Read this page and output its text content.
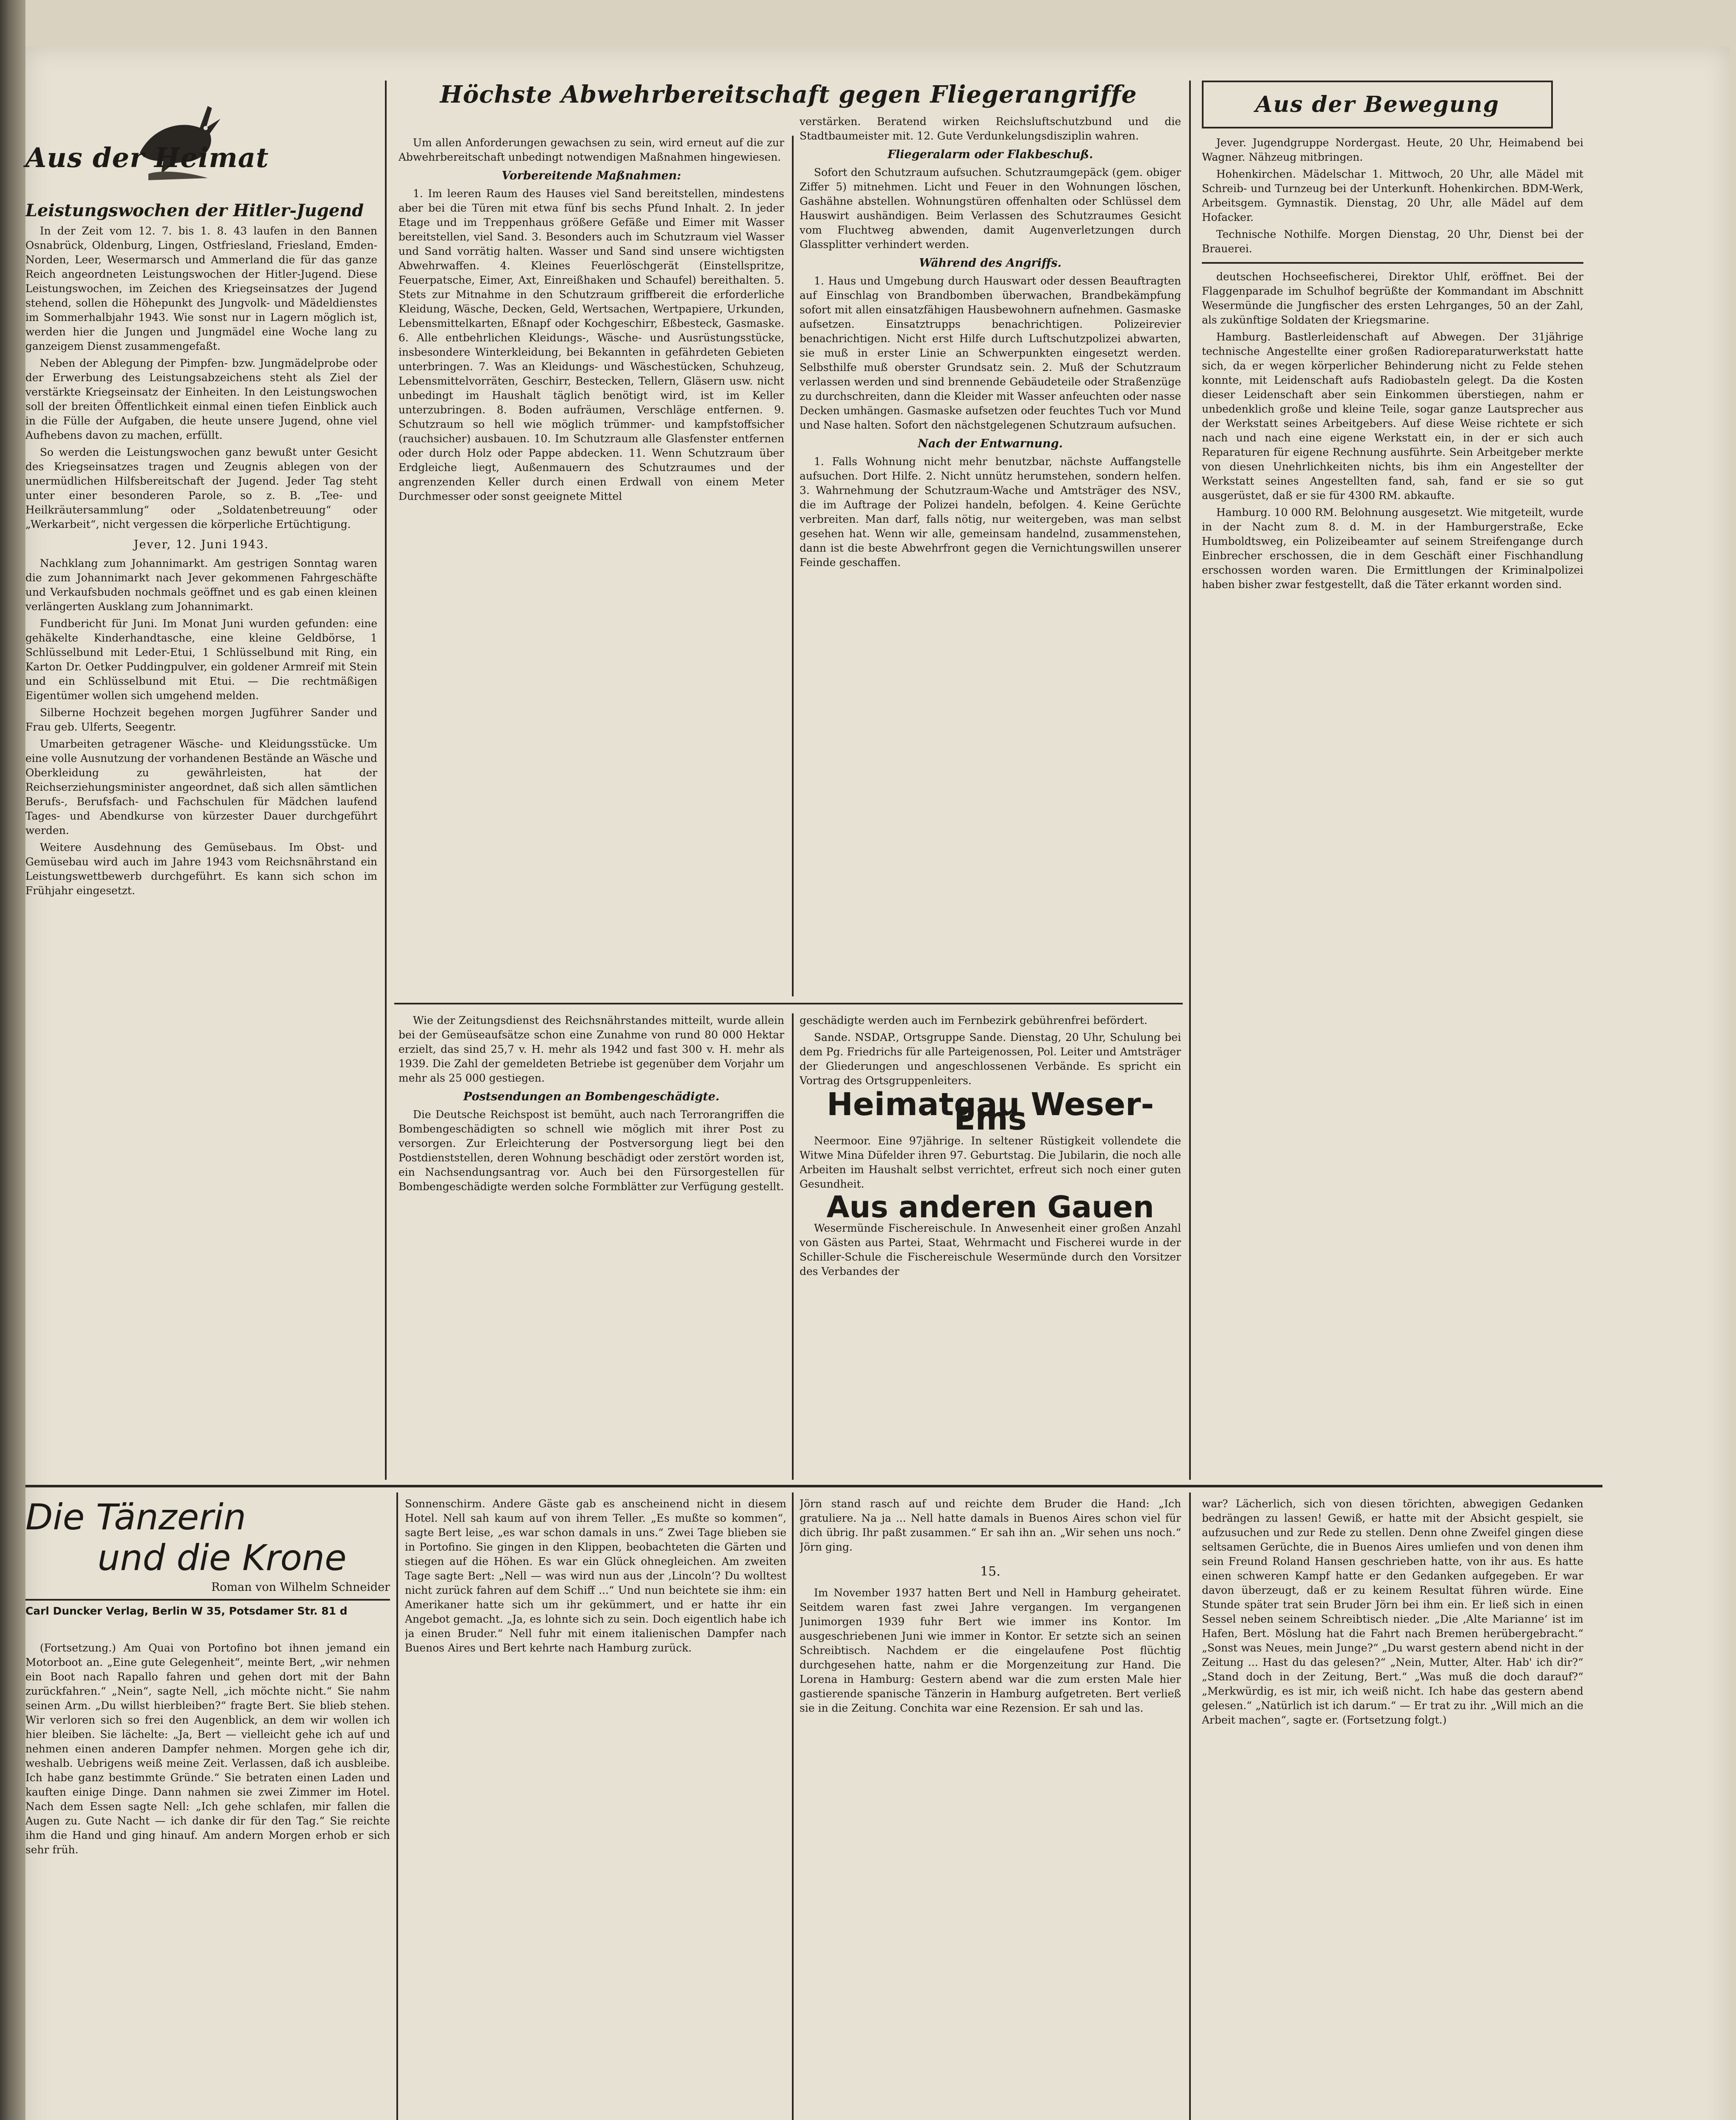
Aus der Heimat
Leistungswochen der Hitler-Jugend

In der Zeit vom 12. 7. bis 1. 8. 43 laufen in den Bannen Osnabrück, Oldenburg, Lingen, Ostfriesland, Friesland, Emden-Norden, Leer, Wesermarsch und Ammerland die für das ganze Reich angeordneten Leistungswochen der Hitler-Jugend. Diese Leistungswochen, im Zeichen des Kriegseinsatzes der Jugend stehend, sollen die Höhepunkt des Jungvolk- und Mädeldienstes im Sommerhalbjahr 1943. Wie sonst nur in Lagern möglich ist, werden hier die Jungen und Jungmädel eine Woche lang zu ganzeigem Dienst zusammengefaßt.

Neben der Ablegung der Pimpfen- bzw. Jungmädelprobe oder der Erwerbung des Leistungsabzeichens steht als Ziel der verstärkte Kriegseinsatz der Einheiten. In den Leistungswochen soll der breiten Öffentlichkeit einmal einen tiefen Einblick auch in die Fülle der Aufgaben, die heute unsere Jugend, ohne viel Aufhebens davon zu machen, erfüllt.

So werden die Leistungswochen ganz bewußt unter Gesicht des Kriegseinsatzes tragen und Zeugnis ablegen von der unermüdlichen Hilfsbereitschaft der Jugend. Jeder Tag steht unter einer besonderen Parole, so z. B. „Tee- und Heilkräutersammlung“ oder „Soldatenbetreuung“ oder „Werkarbeit“, nicht vergessen die körperliche Ertüchtigung.

Jever, 12. Juni 1943.

Nachklang zum Johannimarkt. Am gestrigen Sonntag waren die zum Johannimarkt nach Jever gekommenen Fahrgeschäfte und Verkaufsbuden nochmals geöffnet und es gab einen kleinen verlängerten Ausklang zum Johannimarkt.

Fundbericht für Juni. Im Monat Juni wurden gefunden: eine gehäkelte Kinderhandtasche, eine kleine Geldbörse, 1 Schlüsselbund mit Leder-Etui, 1 Schlüsselbund mit Ring, ein Karton Dr. Oetker Puddingpulver, ein goldener Armreif mit Stein und ein Schlüsselbund mit Etui. — Die rechtmäßigen Eigentümer wollen sich umgehend melden.

Silberne Hochzeit begehen morgen Jugführer Sander und Frau geb. Ulferts, Seegentr.

Umarbeiten getragener Wäsche- und Kleidungsstücke. Um eine volle Ausnutzung der vorhandenen Bestände an Wäsche und Oberkleidung zu gewährleisten, hat der Reichserziehungsminister angeordnet, daß sich allen sämtlichen Berufs-, Berufsfach- und Fachschulen für Mädchen laufend Tages- und Abendkurse von kürzester Dauer durchgeführt werden.

Weitere Ausdehnung des Gemüsebaus. Im Obst- und Gemüsebau wird auch im Jahre 1943 vom Reichsnährstand ein Leistungswettbewerb durchgeführt. Es kann sich schon im Frühjahr eingesetzt.

Höchste Abwehrbereitschaft gegen Fliegerangriffe

Um allen Anforderungen gewachsen zu sein, wird erneut auf die zur Abwehrbereitschaft unbedingt notwendigen Maßnahmen hingewiesen.

Vorbereitende Maßnahmen:

1. Im leeren Raum des Hauses viel Sand bereitstellen, mindestens aber bei die Türen mit etwa fünf bis sechs Pfund Inhalt. 2. In jeder Etage und im Treppenhaus größere Gefäße und Eimer mit Wasser bereitstellen, viel Sand. 3. Besonders auch im Schutzraum viel Wasser und Sand vorrätig halten. Wasser und Sand sind unsere wichtigsten Abwehrwaffen. 4. Kleines Feuerlöschgerät (Einstellspritze, Feuerpatsche, Eimer, Axt, Einreißhaken und Schaufel) bereithalten. 5. Stets zur Mitnahme in den Schutzraum griffbereit die erforderliche Kleidung, Wäsche, Decken, Geld, Wertsachen, Wertpapiere, Urkunden, Lebensmittelkarten, Eßnapf oder Kochgeschirr, Eßbesteck, Gasmaske. 6. Alle entbehrlichen Kleidungs-, Wäsche- und Ausrüstungsstücke, insbesondere Winterkleidung, bei Bekannten in gefährdeten Gebieten unterbringen. 7. Was an Kleidungs- und Wäschestücken, Schuhzeug, Lebensmittelvorräten, Geschirr, Bestecken, Tellern, Gläsern usw. nicht unbedingt im Haushalt täglich benötigt wird, ist im Keller unterzubringen. 8. Boden aufräumen, Verschläge entfernen. 9. Schutzraum so hell wie möglich trümmer- und kampfstoffsicher (rauchsicher) ausbauen. 10. Im Schutzraum alle Glasfenster entfernen oder durch Holz oder Pappe abdecken. 11. Wenn Schutzraum über Erdgleiche liegt, Außenmauern des Schutzraumes und der angrenzenden Keller durch einen Erdwall von einem Meter Durchmesser oder sonst geeignete Mittel

verstärken. Beratend wirken Reichsluftschutzbund und die Stadtbaumeister mit. 12. Gute Verdunkelungsdisziplin wahren.

Fliegeralarm oder Flakbeschuß.

Sofort den Schutzraum aufsuchen. Schutzraumgepäck (gem. obiger Ziffer 5) mitnehmen. Licht und Feuer in den Wohnungen löschen, Gashähne abstellen. Wohnungstüren offenhalten oder Schlüssel dem Hauswirt aushändigen. Beim Verlassen des Schutzraumes Gesicht vom Fluchtweg abwenden, damit Augenverletzungen durch Glassplitter verhindert werden.

Während des Angriffs.

1. Haus und Umgebung durch Hauswart oder dessen Beauftragten auf Einschlag von Brandbomben überwachen, Brandbekämpfung sofort mit allen einsatzfähigen Hausbewohnern aufnehmen. Gasmaske aufsetzen. Einsatztrupps benachrichtigen. Polizeirevier benachrichtigen. Nicht erst Hilfe durch Luftschutzpolizei abwarten, sie muß in erster Linie an Schwerpunkten eingesetzt werden. Selbsthilfe muß oberster Grundsatz sein. 2. Muß der Schutzraum verlassen werden und sind brennende Gebäudeteile oder Straßenzüge zu durchschreiten, dann die Kleider mit Wasser anfeuchten oder nasse Decken umhängen. Gasmaske aufsetzen oder feuchtes Tuch vor Mund und Nase halten. Sofort den nächstgelegenen Schutzraum aufsuchen.

Nach der Entwarnung.

1. Falls Wohnung nicht mehr benutzbar, nächste Auffangstelle aufsuchen. Dort Hilfe. 2. Nicht unnütz herumstehen, sondern helfen. 3. Wahrnehmung der Schutzraum-Wache und Amtsträger des NSV., die im Auftrage der Polizei handeln, befolgen. 4. Keine Gerüchte verbreiten. Man darf, falls nötig, nur weitergeben, was man selbst gesehen hat. Wenn wir alle, gemeinsam handelnd, zusammenstehen, dann ist die beste Abwehrfront gegen die Vernichtungswillen unserer Feinde geschaffen.

Aus der Bewegung

Jever. Jugendgruppe Nordergast. Heute, 20 Uhr, Heimabend bei Wagner. Nähzeug mitbringen.

Hohenkirchen. Mädelschar 1. Mittwoch, 20 Uhr, alle Mädel mit Schreib- und Turnzeug bei der Unterkunft. Hohenkirchen. BDM-Werk, Arbeitsgem. Gymnastik. Dienstag, 20 Uhr, alle Mädel auf dem Hofacker.

Technische Nothilfe. Morgen Dienstag, 20 Uhr, Dienst bei der Brauerei.

deutschen Hochseefischerei, Direktor Uhlf, eröffnet. Bei der Flaggenparade im Schulhof begrüßte der Kommandant im Abschnitt Wesermünde die Jungfischer des ersten Lehrganges, 50 an der Zahl, als zukünftige Soldaten der Kriegsmarine.

Hamburg. Bastlerleidenschaft auf Abwegen. Der 31jährige technische Angestellte einer großen Radioreparaturwerkstatt hatte sich, da er wegen körperlicher Behinderung nicht zu Felde stehen konnte, mit Leidenschaft aufs Radiobasteln gelegt. Da die Kosten dieser Leidenschaft aber sein Einkommen überstiegen, nahm er unbedenklich große und kleine Teile, sogar ganze Lautsprecher aus der Werkstatt seines Arbeitgebers. Auf diese Weise richtete er sich nach und nach eine eigene Werkstatt ein, in der er sich auch Reparaturen für eigene Rechnung ausführte. Sein Arbeitgeber merkte von diesen Unehrlichkeiten nichts, bis ihm ein Angestellter der Werkstatt seines Angestellten fand, sah, fand er sie so gut ausgerüstet, daß er sie für 4300 RM. abkaufte.

Hamburg. 10 000 RM. Belohnung ausgesetzt. Wie mitgeteilt, wurde in der Nacht zum 8. d. M. in der Hamburgerstraße, Ecke Humboldtsweg, ein Polizeibeamter auf seinem Streifengange durch Einbrecher erschossen, die in dem Geschäft einer Fischhandlung erschossen worden waren. Die Ermittlungen der Kriminalpolizei haben bisher zwar festgestellt, daß die Täter erkannt worden sind.

Wie der Zeitungsdienst des Reichsnährstandes mitteilt, wurde allein bei der Gemüseaufsätze schon eine Zunahme von rund 80 000 Hektar erzielt, das sind 25,7 v. H. mehr als 1942 und fast 300 v. H. mehr als 1939. Die Zahl der gemeldeten Betriebe ist gegenüber dem Vorjahr um mehr als 25 000 gestiegen.

Postsendungen an Bombengeschädigte.

Die Deutsche Reichspost ist bemüht, auch nach Terrorangriffen die Bombengeschädigten so schnell wie möglich mit ihrer Post zu versorgen. Zur Erleichterung der Postversorgung liegt bei den Postdienststellen, deren Wohnung beschädigt oder zerstört worden ist, ein Nachsendungsantrag vor. Auch bei den Fürsorgestellen für Bombengeschädigte werden solche Formblätter zur Verfügung gestellt.

geschädigte werden auch im Fernbezirk gebührenfrei befördert.

Sande. NSDAP., Ortsgruppe Sande. Dienstag, 20 Uhr, Schulung bei dem Pg. Friedrichs für alle Parteigenossen, Pol. Leiter und Amtsträger der Gliederungen und angeschlossenen Verbände. Es spricht ein Vortrag des Ortsgruppenleiters.

Heimatgau Weser-Ems

Neermoor. Eine 97jährige. In seltener Rüstigkeit vollendete die Witwe Mina Düfelder ihren 97. Geburtstag. Die Jubilarin, die noch alle Arbeiten im Haushalt selbst verrichtet, erfreut sich noch einer guten Gesundheit.

Aus anderen Gauen

Wesermünde Fischereischule. In Anwesenheit einer großen Anzahl von Gästen aus Partei, Staat, Wehrmacht und Fischerei wurde in der Schiller-Schule die Fischereischule Wesermünde durch den Vorsitzer des Verbandes der

Die Tänzerin
und die Krone
Roman von Wilhelm Schneider
Carl Duncker Verlag, Berlin W 35, Potsdamer Str. 81 d

(Fortsetzung.) Am Quai von Portofino bot ihnen jemand ein Motorboot an. „Eine gute Gelegenheit“, meinte Bert, „wir nehmen ein Boot nach Rapallo fahren und gehen dort mit der Bahn zurückfahren.“ „Nein“, sagte Nell, „ich möchte nicht.“ Sie nahm seinen Arm. „Du willst hierbleiben?“ fragte Bert. Sie blieb stehen. Wir verloren sich so frei den Augenblick, an dem wir wollen ich hier bleiben. Sie lächelte: „Ja, Bert — vielleicht gehe ich auf und nehmen einen anderen Dampfer nehmen. Morgen gehe ich dir, weshalb. Uebrigens weiß meine Zeit. Verlassen, daß ich ausbleibe. Ich habe ganz bestimmte Gründe.“ Sie betraten einen Laden und kauften einige Dinge. Dann nahmen sie zwei Zimmer im Hotel. Nach dem Essen sagte Nell: „Ich gehe schlafen, mir fallen die Augen zu. Gute Nacht — ich danke dir für den Tag.“ Sie reichte ihm die Hand und ging hinauf. Am andern Morgen erhob er sich sehr früh.

Sonnenschirm. Andere Gäste gab es anscheinend nicht in diesem Hotel. Nell sah kaum auf von ihrem Teller. „Es mußte so kommen“, sagte Bert leise, „es war schon damals in uns.“ Zwei Tage blieben sie in Portofino. Sie gingen in den Klippen, beobachteten die Gärten und stiegen auf die Höhen. Es war ein Glück ohnegleichen. Am zweiten Tage sagte Bert: „Nell — was wird nun aus der ‚Lincoln‘? Du wolltest nicht zurück fahren auf dem Schiff ...“ Und nun beichtete sie ihm: ein Amerikaner hatte sich um ihr gekümmert, und er hatte ihr ein Angebot gemacht. „Ja, es lohnte sich zu sein. Doch eigentlich habe ich ja einen Bruder.“ Nell fuhr mit einem italienischen Dampfer nach Buenos Aires und Bert kehrte nach Hamburg zurück.

Jörn stand rasch auf und reichte dem Bruder die Hand: „Ich gratuliere. Na ja ... Nell hatte damals in Buenos Aires schon viel für dich übrig. Ihr paßt zusammen.“ Er sah ihn an. „Wir sehen uns noch.“ Jörn ging.

15.

Im November 1937 hatten Bert und Nell in Hamburg geheiratet. Seitdem waren fast zwei Jahre vergangen. Im vergangenen Junimorgen 1939 fuhr Bert wie immer ins Kontor. Im ausgeschriebenen Juni wie immer in Kontor. Er setzte sich an seinen Schreibtisch. Nachdem er die eingelaufene Post flüchtig durchgesehen hatte, nahm er die Morgenzeitung zur Hand. Die Lorena in Hamburg: Gestern abend war die zum ersten Male hier gastierende spanische Tänzerin in Hamburg aufgetreten. Bert verließ sie in die Zeitung. Conchita war eine Rezension. Er sah und las.

war? Lächerlich, sich von diesen törichten, abwegigen Gedanken bedrängen zu lassen! Gewiß, er hatte mit der Absicht gespielt, sie aufzusuchen und zur Rede zu stellen. Denn ohne Zweifel gingen diese seltsamen Gerüchte, die in Buenos Aires umliefen und von denen ihm sein Freund Roland Hansen geschrieben hatte, von ihr aus. Es hatte einen schweren Kampf hatte er den Gedanken aufgegeben. Er war davon überzeugt, daß er zu keinem Resultat führen würde. Eine Stunde später trat sein Bruder Jörn bei ihm ein. Er ließ sich in einen Sessel neben seinem Schreibtisch nieder. „Die ‚Alte Marianne‘ ist im Hafen, Bert. Möslung hat die Fahrt nach Bremen herübergebracht.“ „Sonst was Neues, mein Junge?“ „Du warst gestern abend nicht in der Zeitung ... Hast du das gelesen?“ „Nein, Mutter, Alter. Hab' ich dir?“ „Stand doch in der Zeitung, Bert.“ „Was muß die doch darauf?“ „Merkwürdig, es ist mir, ich weiß nicht. Ich habe das gestern abend gelesen.“ „Natürlich ist ich darum.“ — Er trat zu ihr. „Will mich an die Arbeit machen“, sagte er. (Fortsetzung folgt.)
